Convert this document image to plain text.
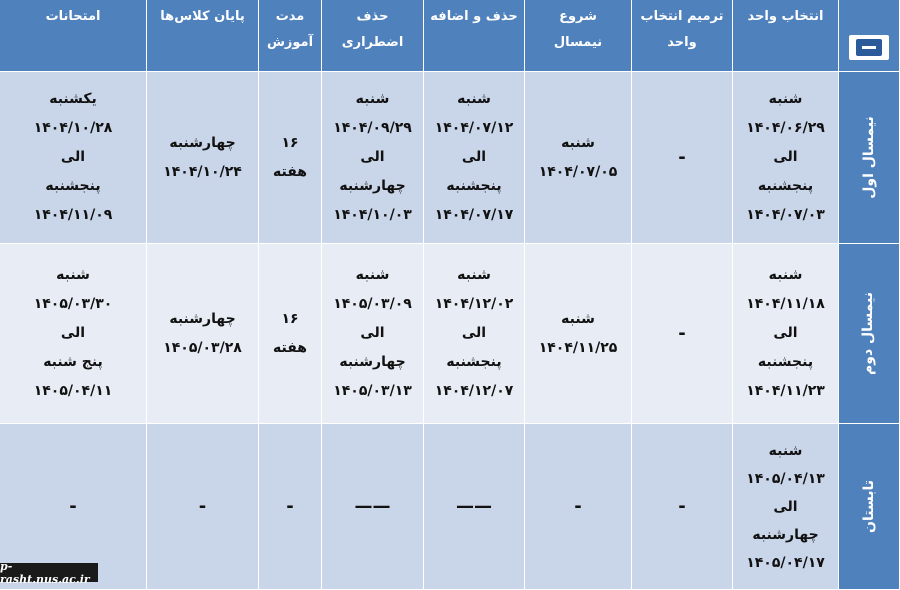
انتخاب واحد
ترمیم انتخاب
واحد
شروع
نیمسال
حذف و اضافه
حذف
اضطراری
مدت
آموزش
پایان کلاس‌ها
امتحانات
نیمسال اول
شنبه
۱۴۰۴/۰۶/۲۹
الی
پنجشنبه
۱۴۰۴/۰۷/۰۳
-
شنبه
۱۴۰۴/۰۷/۰۵
شنبه
۱۴۰۴/۰۷/۱۲
الی
پنجشنبه
۱۴۰۴/۰۷/۱۷
شنبه
۱۴۰۴/۰۹/۲۹
الی
چهارشنبه
۱۴۰۴/۱۰/۰۳
۱۶
هفته
چهارشنبه
۱۴۰۴/۱۰/۲۴
یکشنبه
۱۴۰۴/۱۰/۲۸
الی
پنجشنبه
۱۴۰۴/۱۱/۰۹
نیمسال دوم
شنبه
۱۴۰۴/۱۱/۱۸
الی
پنجشنبه
۱۴۰۴/۱۱/۲۳
-
شنبه
۱۴۰۴/۱۱/۲۵
شنبه
۱۴۰۴/۱۲/۰۲
الی
پنجشنبه
۱۴۰۴/۱۲/۰۷
شنبه
۱۴۰۵/۰۳/۰۹
الی
چهارشنبه
۱۴۰۵/۰۳/۱۳
۱۶
هفته
چهارشنبه
۱۴۰۵/۰۳/۲۸
شنبه
۱۴۰۵/۰۳/۳۰
الی
پنج شنبه
۱۴۰۵/۰۴/۱۱
تابستان
شنبه
۱۴۰۵/۰۴/۱۳
الی
چهارشنبه
۱۴۰۵/۰۴/۱۷
-
-
——
——
-
-
-
p-rasht.nus.ac.ir
